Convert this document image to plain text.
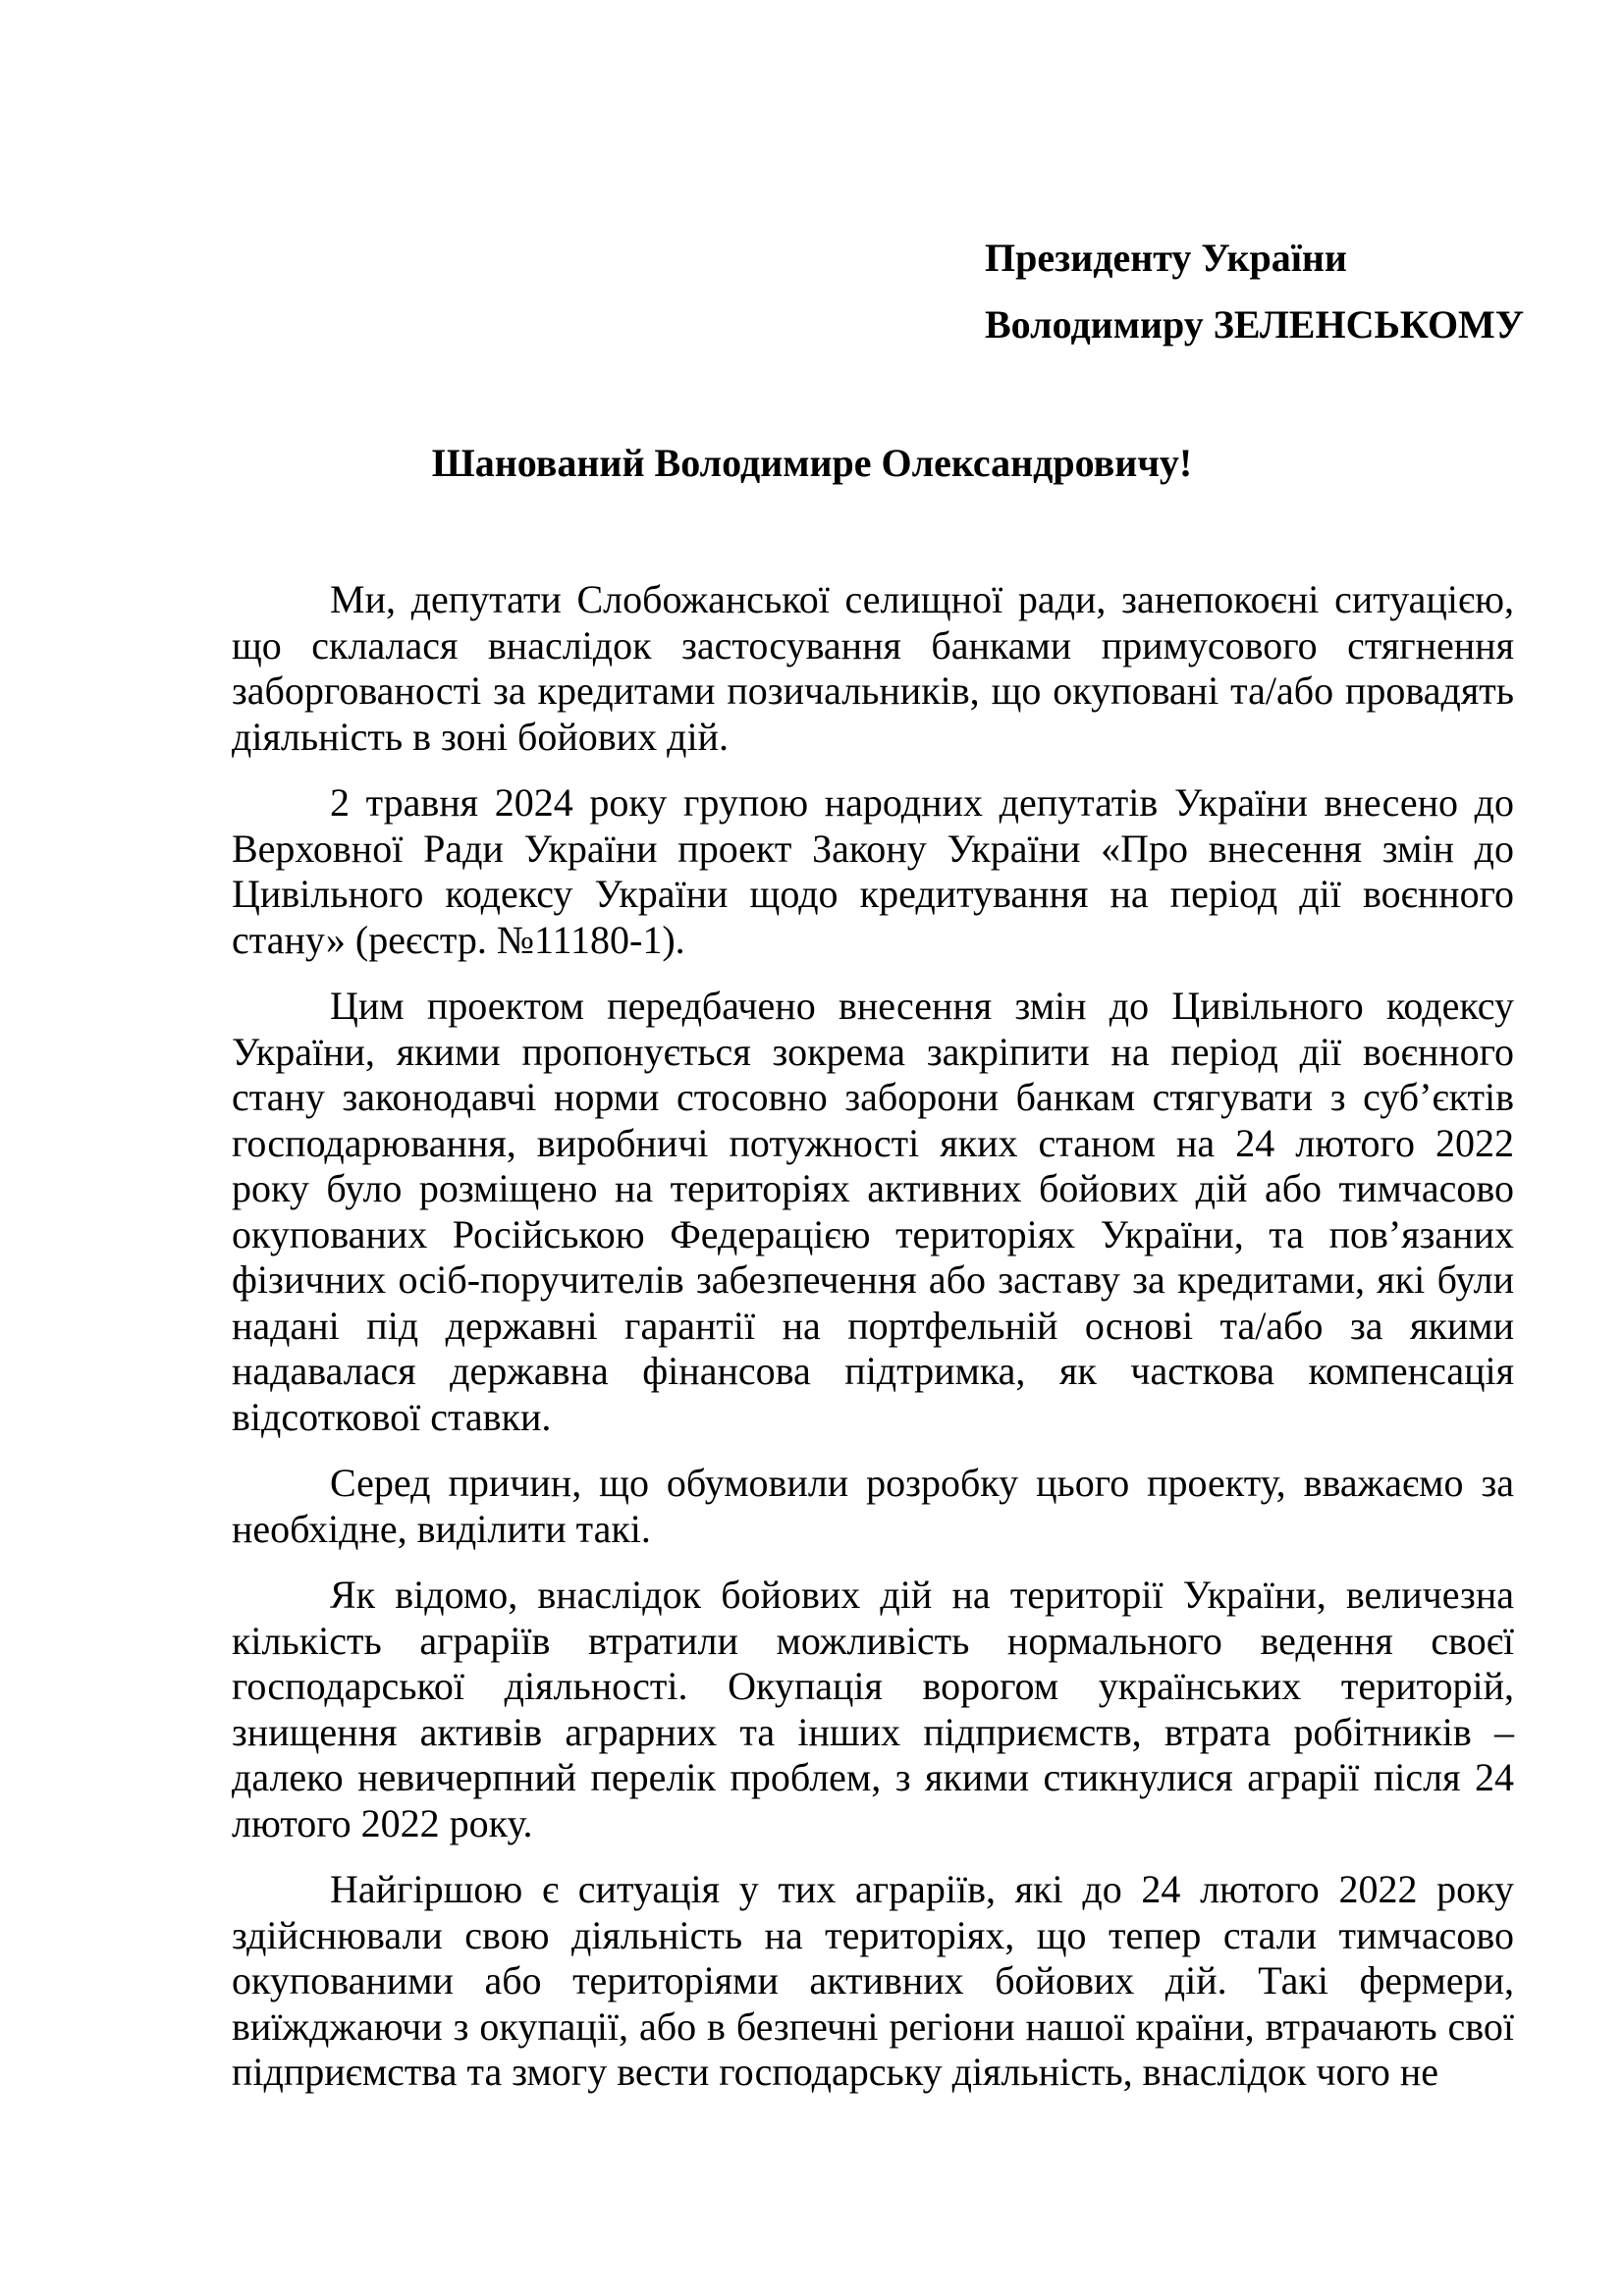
Президенту України
Володимиру ЗЕЛЕНСЬКОМУ
Шанований Володимире Олександровичу!

Ми, депутати Слобожанської селищної ради, занепокоєні ситуацією, що склалася внаслідок застосування банками примусового стягнення заборгованості за кредитами позичальників, що окуповані та/або провадять діяльність в зоні бойових дій.

2 травня 2024 року групою народних депутатів України внесено до Верховної Ради України проект Закону України «Про внесення змін до Цивільного кодексу України щодо кредитування на період дії воєнного стану» (реєстр. №11180-1).

Цим проектом передбачено внесення змін до Цивільного кодексу України, якими пропонується зокрема закріпити на період дії воєнного стану законодавчі норми стосовно заборони банкам стягувати з суб’єктів господарювання, виробничі потужності яких станом на 24 лютого 2022 року було розміщено на територіях активних бойових дій або тимчасово окупованих Російською Федерацією територіях України, та пов’язаних фізичних осіб-поручителів забезпечення або заставу за кредитами, які були надані під державні гарантії на портфельній основі та/або за якими надавалася державна фінансова підтримка, як часткова компенсація відсоткової ставки.

Серед причин, що обумовили розробку цього проекту, вважаємо за необхідне, виділити такі.

Як відомо, внаслідок бойових дій на території України, величезна кількість аграріїв втратили можливість нормального ведення своєї господарської діяльності. Окупація ворогом українських територій, знищення активів аграрних та інших підприємств, втрата робітників – далеко невичерпний перелік проблем, з якими стикнулися аграрії після 24 лютого 2022 року.

Найгіршою є ситуація у тих аграріїв, які до 24 лютого 2022 року здійснювали свою діяльність на територіях, що тепер стали тимчасово окупованими або територіями активних бойових дій. Такі фермери, виїжджаючи з окупації, або в безпечні регіони нашої країни, втрачають свої підприємства та змогу вести господарську діяльність, внаслідок чого не
